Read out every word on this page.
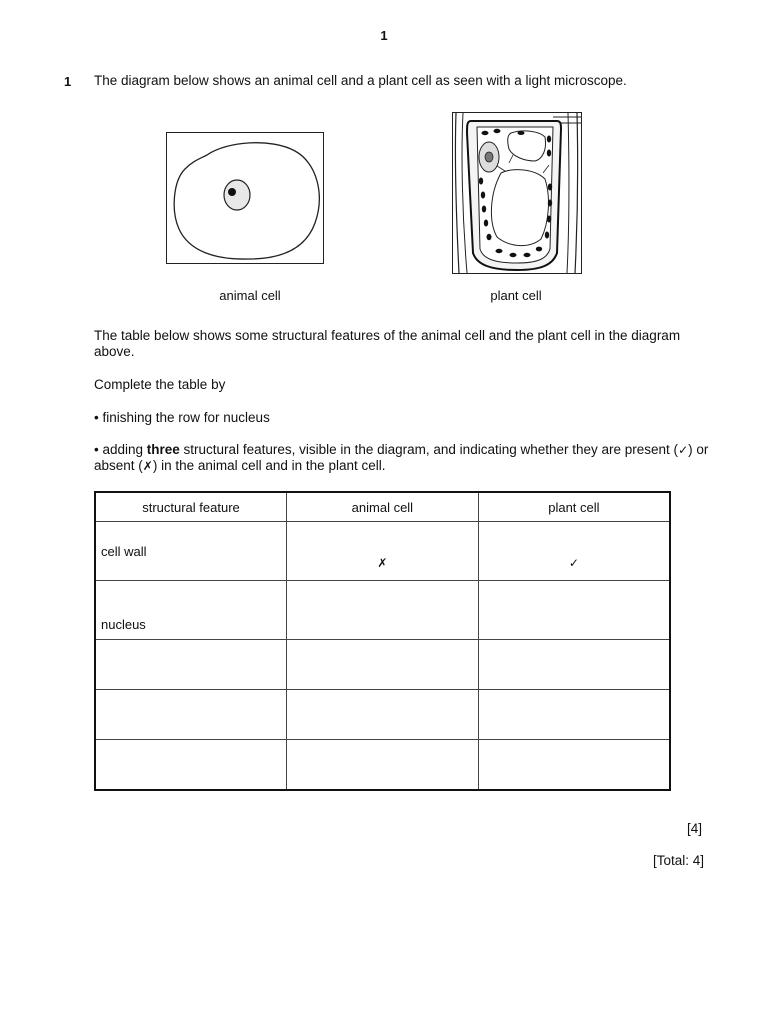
1
1 The diagram below shows an animal cell and a plant cell as seen with a light microscope.
animal cell	plant cell
The table below shows some structural features of the animal cell and the plant cell in the diagram above.
Complete the table by
• finishing the row for nucleus
• adding three structural features, visible in the diagram, and indicating whether they are present (✓) or absent (✗) in the animal cell and in the plant cell.
structural feature	animal cell	plant cell

cell wall	✗	✓

nucleus		

[4]
[Total: 4]
